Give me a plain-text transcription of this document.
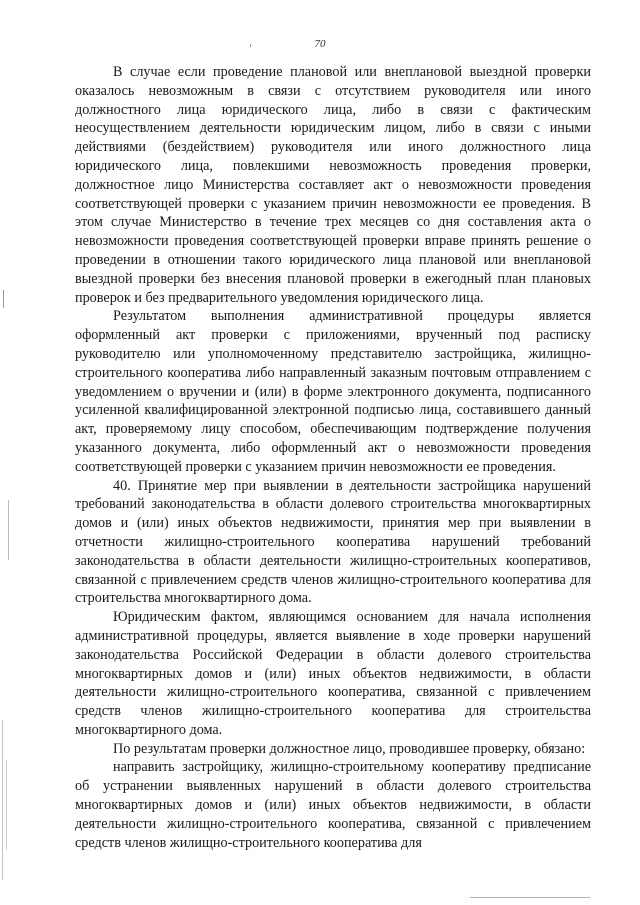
70

В случае если проведение плановой или внеплановой выездной проверки оказалось невозможным в связи с отсутствием руководителя или иного должностного лица юридического лица, либо в связи с фактическим неосуществлением деятельности юридическим лицом, либо в связи с иными действиями (бездействием) руководителя или иного должностного лица юридического лица, повлекшими невозможность проведения проверки, должностное лицо Министерства составляет акт о невозможности проведения соответствующей проверки с указанием причин невозможности ее проведения. В этом случае Министерство в течение трех месяцев со дня составления акта о невозможности проведения соответствующей проверки вправе принять решение о проведении в отношении такого юридического лица плановой или внеплановой выездной проверки без внесения плановой проверки в ежегодный план плановых проверок и без предварительного уведомления юридического лица.

Результатом выполнения административной процедуры является оформленный акт проверки с приложениями, врученный под расписку руководителю или уполномоченному представителю застройщика, жилищно-строительного кооператива либо направленный заказным почтовым отправлением с уведомлением о вручении и (или) в форме электронного документа, подписанного усиленной квалифицированной электронной подписью лица, составившего данный акт, проверяемому лицу способом, обеспечивающим подтверждение получения указанного документа, либо оформленный акт о невозможности проведения соответствующей проверки с указанием причин невозможности ее проведения.

40. Принятие мер при выявлении в деятельности застройщика нарушений требований законодательства в области долевого строительства многоквартирных домов и (или) иных объектов недвижимости, принятия мер при выявлении в отчетности жилищно-строительного кооператива нарушений требований законодательства в области деятельности жилищно-строительных кооперативов, связанной с привлечением средств членов жилищно-строительного кооператива для строительства многоквартирного дома.

Юридическим фактом, являющимся основанием для начала исполнения административной процедуры, является выявление в ходе проверки нарушений законодательства Российской Федерации в области долевого строительства многоквартирных домов и (или) иных объектов недвижимости, в области деятельности жилищно-строительного кооператива, связанной с привлечением средств членов жилищно-строительного кооператива для строительства многоквартирного дома.

По результатам проверки должностное лицо, проводившее проверку, обязано:

направить застройщику, жилищно-строительному кооперативу предписание об устранении выявленных нарушений в области долевого строительства многоквартирных домов и (или) иных объектов недвижимости, в области деятельности жилищно-строительного кооператива, связанной с привлечением средств членов жилищно-строительного кооператива для
